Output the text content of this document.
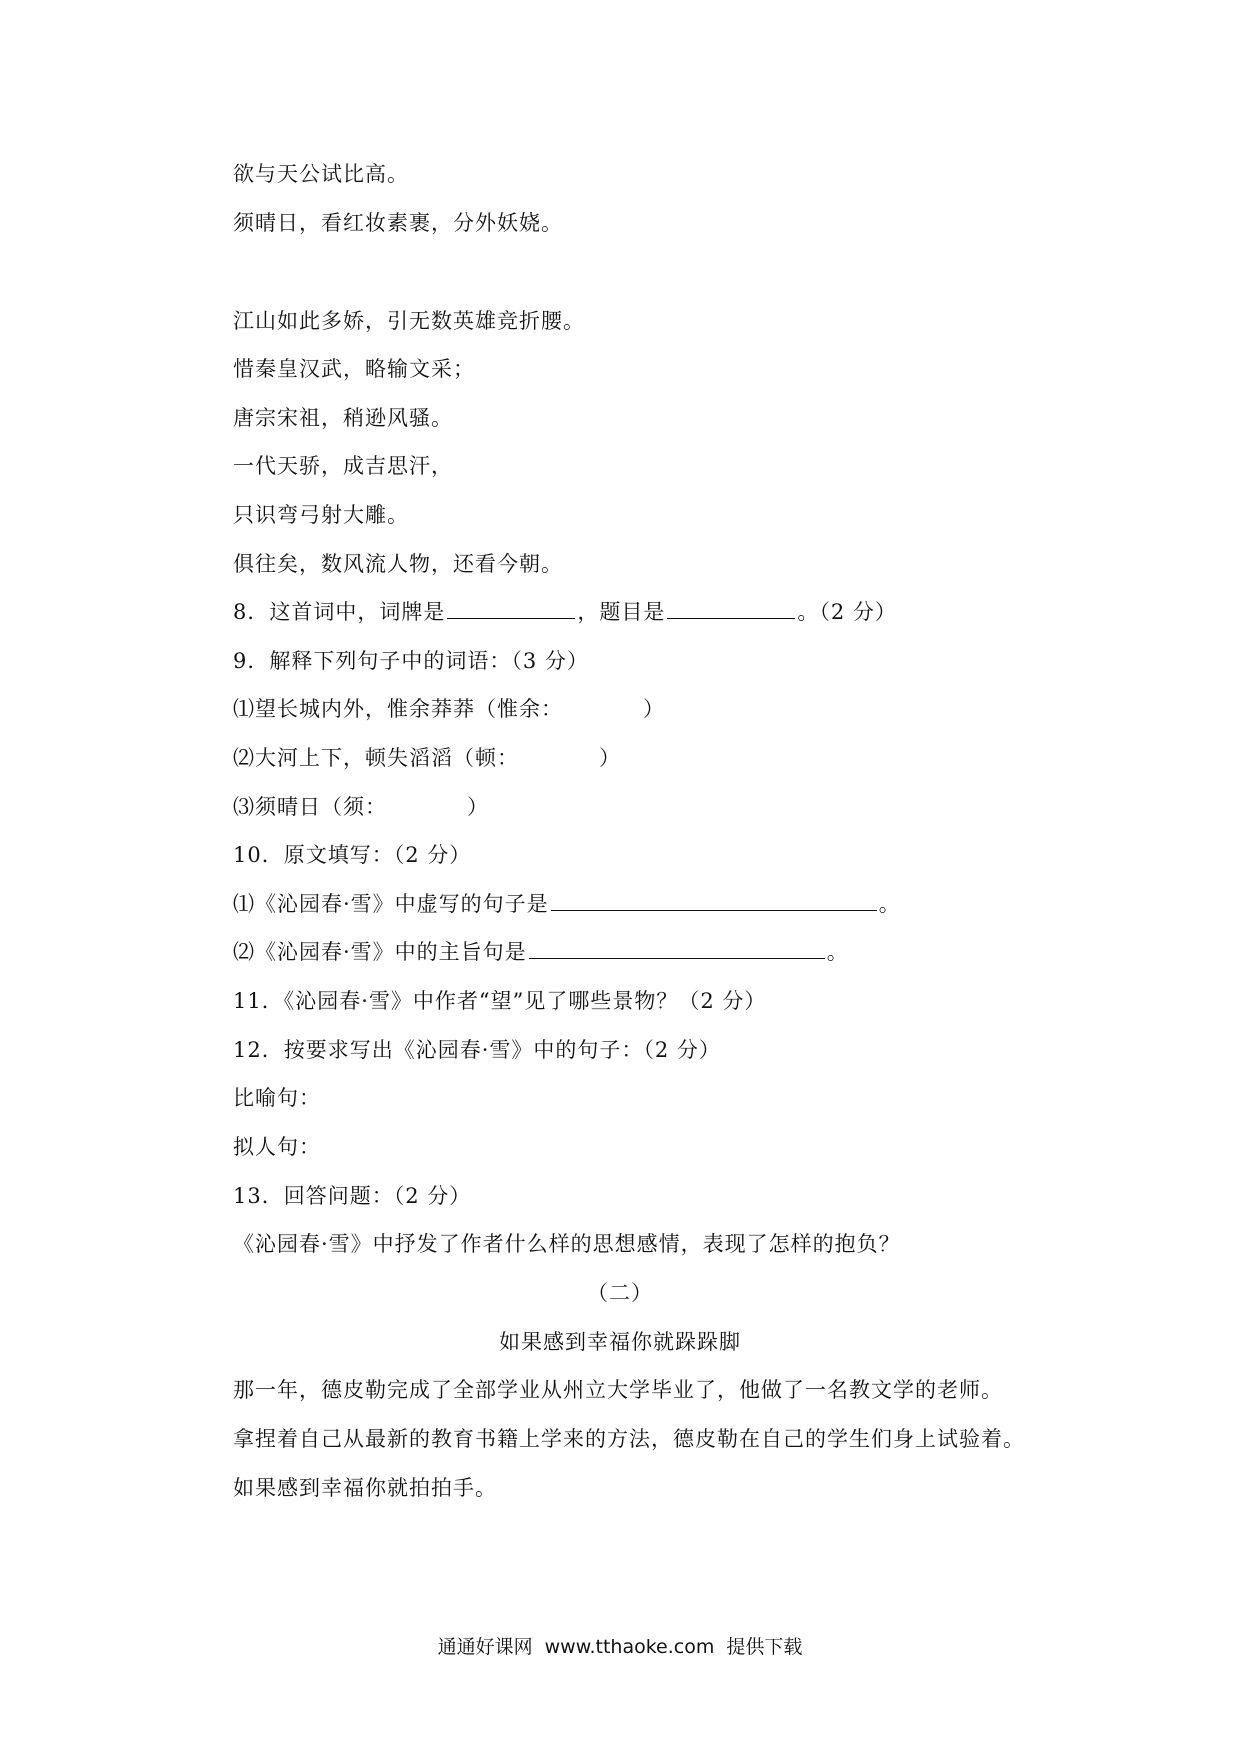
欲与天公试比高。
须晴日，看红妆素裹，分外妖娆。
江山如此多娇，引无数英雄竞折腰。
惜秦皇汉武，略输文采；
唐宗宋祖，稍逊风骚。
一代天骄，成吉思汗，
只识弯弓射大雕。
俱往矣，数风流人物，还看今朝。
8．这首词中，词牌是	，题目是	。（2 分）
9．解释下列句子中的词语：（3 分）
⑴望长城内外，惟余莽莽（惟余：	）
⑵大河上下，顿失滔滔（顿：	）
⑶须晴日（须：	）
10．原文填写：（2 分）
⑴《沁园春·雪》中虚写的句子是	。
⑵《沁园春·雪》中的主旨句是	。
11．《沁园春·雪》中作者“望”见了哪些景物？（2 分）
12．按要求写出《沁园春·雪》中的句子：（2 分）
比喻句：
拟人句：
13．回答问题：（2 分）
《沁园春·雪》中抒发了作者什么样的思想感情，表现了怎样的抱负？
（二）
如果感到幸福你就跺跺脚
那一年，德皮勒完成了全部学业从州立大学毕业了，他做了一名教文学的老师。
拿捏着自己从最新的教育书籍上学来的方法，德皮勒在自己的学生们身上试验着。
如果感到幸福你就拍拍手。
通通好课网 www.tthaoke.com 提供下载
